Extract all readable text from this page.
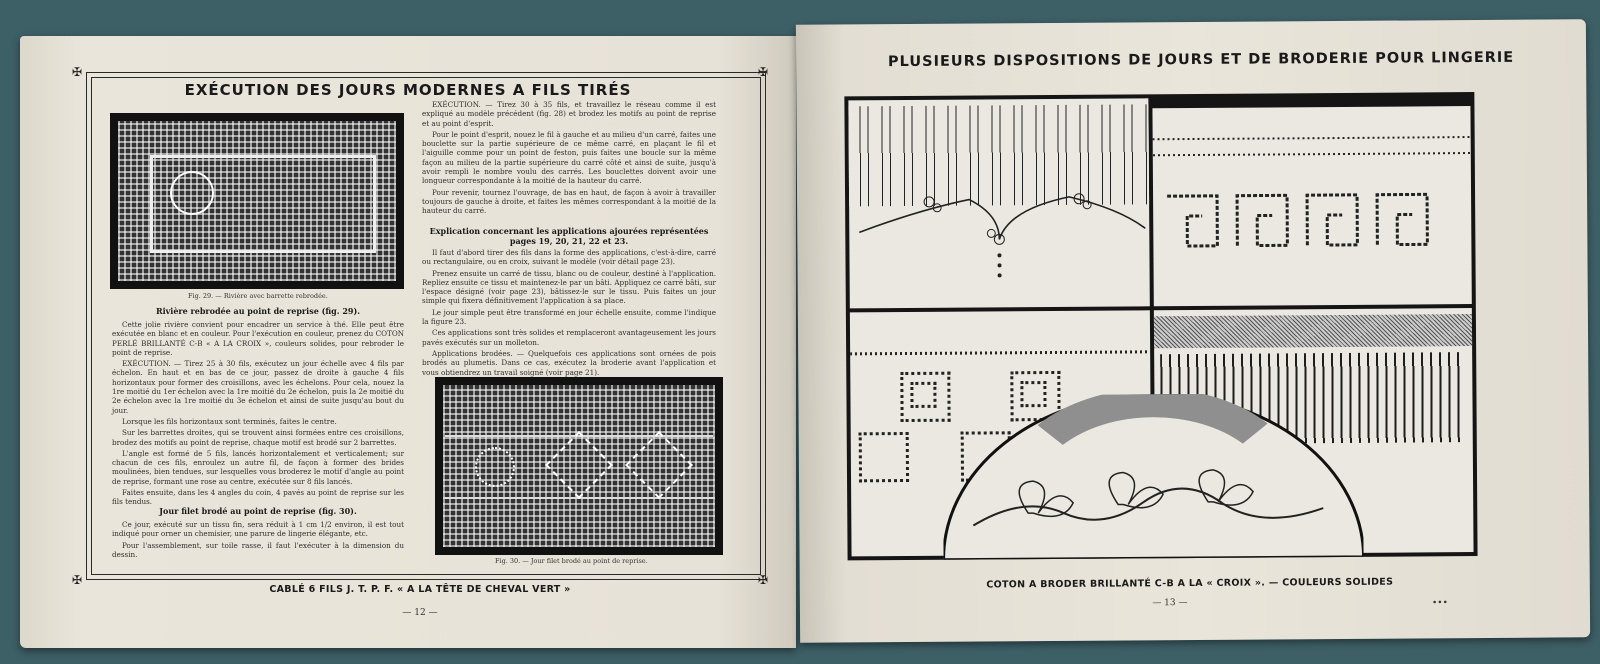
✠	✠
✠	✠
EXÉCUTION DES JOURS MODERNES A FILS TIRÉS
Fig. 29. — Rivière avec barrette rebrodée.
Rivière rebrodée au point de reprise (fig. 29).

Cette jolie rivière convient pour encadrer un service à thé. Elle peut être exécutée en blanc et en couleur. Pour l'exécution en couleur, prenez du COTON PERLÉ BRILLANTÉ C-B « A LA CROIX », couleurs solides, pour rebroder le point de reprise.

EXÉCUTION. — Tirez 25 à 30 fils, exécutez un jour échelle avec 4 fils par échelon. En haut et en bas de ce jour, passez de droite à gauche 4 fils horizontaux pour former des croisillons, avec les échelons. Pour cela, nouez la 1re moitié du 1er échelon avec la 1re moitié du 2e échelon, puis la 2e moitié du 2e échelon avec la 1re moitié du 3e échelon et ainsi de suite jusqu'au bout du jour.

Lorsque les fils horizontaux sont terminés, faites le centre.

Sur les barrettes droites, qui se trouvent ainsi formées entre ces croisillons, brodez des motifs au point de reprise, chaque motif est brodé sur 2 barrettes.

L'angle est formé de 5 fils, lancés horizontalement et verticalement; sur chacun de ces fils, enroulez un autre fil, de façon à former des brides moulinées, bien tendues, sur lesquelles vous broderez le motif d'angle au point de reprise, formant une rose au centre, exécutée sur 8 fils lancés.

Faites ensuite, dans les 4 angles du coin, 4 pavés au point de reprise sur les fils tendus.

Jour filet brodé au point de reprise (fig. 30).

Ce jour, exécuté sur un tissu fin, sera réduit à 1 cm 1/2 environ, il est tout indiqué pour orner un chemisier, une parure de lingerie élégante, etc.

Pour l'assemblement, sur toile rasse, il faut l'exécuter à la dimension du dessin.

EXÉCUTION. — Tirez 30 à 35 fils, et travaillez le réseau comme il est expliqué au modèle précédent (fig. 28) et brodez les motifs au point de reprise et au point d'esprit.

Pour le point d'esprit, nouez le fil à gauche et au milieu d'un carré, faites une bouclette sur la partie supérieure de ce même carré, en plaçant le fil et l'aiguille comme pour un point de feston, puis faites une boucle sur la même façon au milieu de la partie supérieure du carré côté et ainsi de suite, jusqu'à avoir rempli le nombre voulu des carrés. Les bouclettes doivent avoir une longueur correspondante à la moitié de la hauteur du carré.

Pour revenir, tournez l'ouvrage, de bas en haut, de façon à avoir à travailler toujours de gauche à droite, et faites les mêmes correspondant à la moitié de la hauteur du carré.

Explication concernant les applications ajourées représentées pages 19, 20, 21, 22 et 23.

Il faut d'abord tirer des fils dans la forme des applications, c'est-à-dire, carré ou rectangulaire, ou en croix, suivant le modèle (voir détail page 23).

Prenez ensuite un carré de tissu, blanc ou de couleur, destiné à l'application. Repliez ensuite ce tissu et maintenez-le par un bâti. Appliquez ce carré bâti, sur l'espace désigné (voir page 23), bâtissez-le sur le tissu. Puis faites un jour simple qui fixera définitivement l'application à sa place.

Le jour simple peut être transformé en jour échelle ensuite, comme l'indique la figure 23.

Ces applications sont très solides et remplaceront avantageusement les jours pavés exécutés sur un molleton.

Applications brodées. — Quelquefois ces applications sont ornées de pois brodés au plumetis. Dans ce cas, exécutez la broderie avant l'application et vous obtiendrez un travail soigné (voir page 21).

Fig. 30. — Jour filet brodé au point de reprise.
CABLÉ 6 FILS J. T. P. F. « A LA TÊTE DE CHEVAL VERT »
— 12 —
PLUSIEURS DISPOSITIONS DE JOURS ET DE BRODERIE POUR LINGERIE
COTON A BRODER BRILLANTÉ C-B A LA « CROIX ». — COULEURS SOLIDES
— 13 —	•••
